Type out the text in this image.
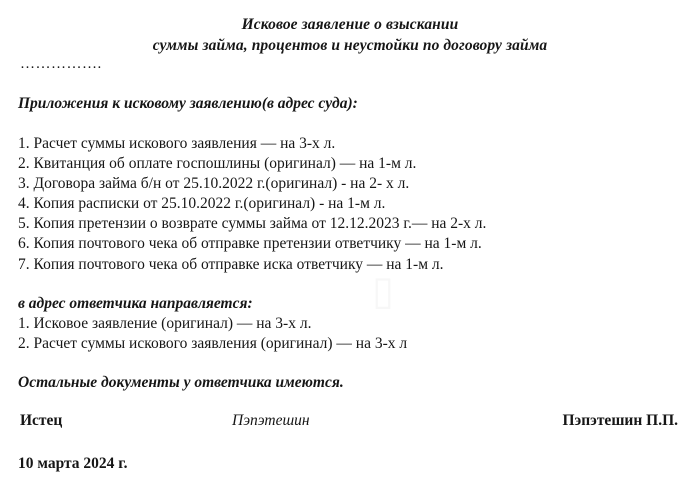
▯
Исковое заявление о взыскании
суммы займа, процентов и неустойки по договору займа
…………….
Приложения к исковому заявлению(в адрес суда):
1. Расчет суммы искового заявления — на 3-х л.
2. Квитанция об оплате госпошлины (оригинал) — на 1-м л.
3. Договора займа б/н от 25.10.2022 г.(оригинал) - на 2- х л.
4. Копия расписки от 25.10.2022 г.(оригинал) - на 1-м л.
5. Копия претензии о возврате суммы займа от 12.12.2023 г.— на 2-х л.
6. Копия почтового чека об отправке претензии ответчику — на 1-м л.
7. Копия почтового чека об отправке иска ответчику — на 1-м л.
в адрес ответчика направляется:
1. Исковое заявление (оригинал) — на 3-х л.
2. Расчет суммы искового заявления (оригинал) — на 3-х л
Остальные документы у ответчика имеются.
Истец	Пэпэтешин	Пэпэтешин П.П.
10 марта 2024 г.
